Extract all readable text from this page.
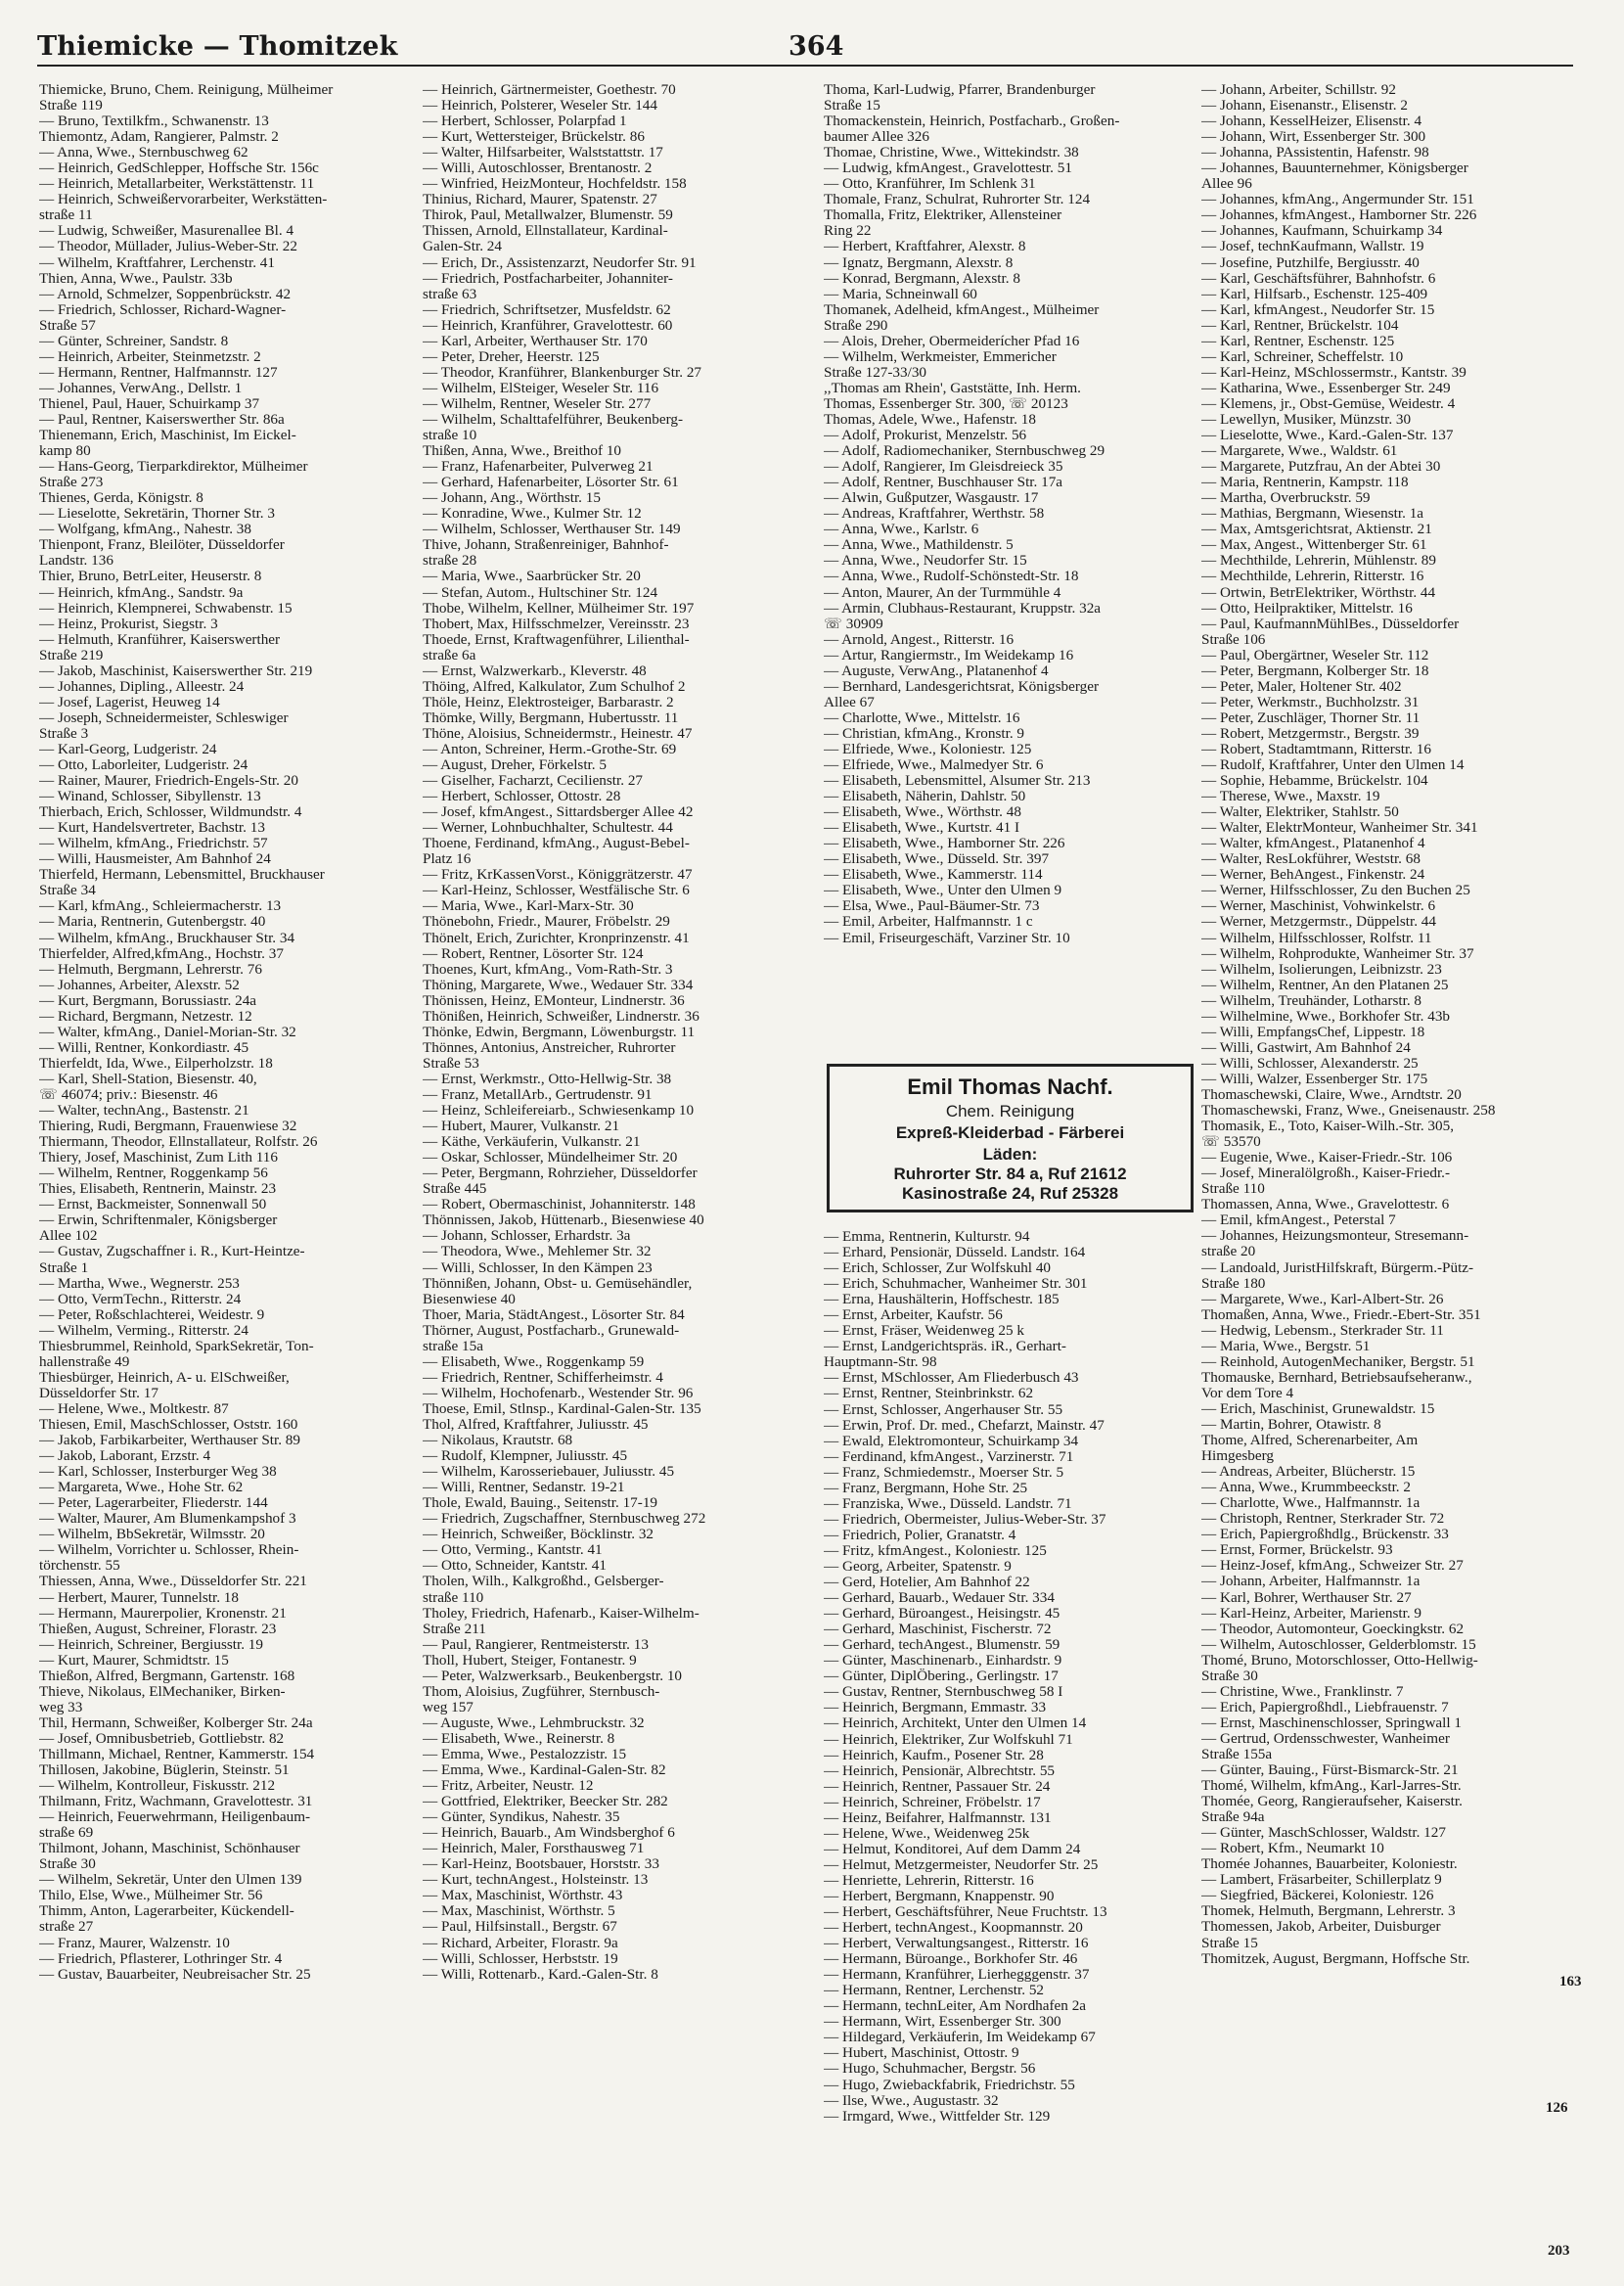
Thiemicke — Thomitzek	364
Thiemicke, Bruno, Chem. Reinigung, Mülheimer
Straße 119
— Bruno, Textilkfm., Schwanenstr. 13
Thiemontz, Adam, Rangierer, Palmstr. 2
— Anna, Wwe., Sternbuschweg 62
— Heinrich, GedSchlepper, Hoffsche Str. 156c
— Heinrich, Metallarbeiter, Werkstättenstr. 11
— Heinrich, Schweißervorarbeiter, Werkstätten-
straße 11
— Ludwig, Schweißer, Masurenallee Bl. 4
— Theodor, Müllader, Julius-Weber-Str. 22
— Wilhelm, Kraftfahrer, Lerchenstr. 41
Thien, Anna, Wwe., Paulstr. 33b
— Arnold, Schmelzer, Soppenbrückstr. 42
— Friedrich, Schlosser, Richard-Wagner-
Straße 57
— Günter, Schreiner, Sandstr. 8
— Heinrich, Arbeiter, Steinmetzstr. 2
— Hermann, Rentner, Halfmannstr. 127
— Johannes, VerwAng., Dellstr. 1
Thienel, Paul, Hauer, Schuirkamp 37
— Paul, Rentner, Kaiserswerther Str. 86a
Thienemann, Erich, Maschinist, Im Eickel-
kamp 80
— Hans-Georg, Tierparkdirektor, Mülheimer
Straße 273
Thienes, Gerda, Königstr. 8
— Lieselotte, Sekretärin, Thorner Str. 3
— Wolfgang, kfmAng., Nahestr. 38
Thienpont, Franz, Bleilöter, Düsseldorfer
Landstr. 136
Thier, Bruno, BetrLeiter, Heuserstr. 8
— Heinrich, kfmAng., Sandstr. 9a
— Heinrich, Klempnerei, Schwabenstr. 15
— Heinz, Prokurist, Siegstr. 3
— Helmuth, Kranführer, Kaiserswerther
Straße 219
— Jakob, Maschinist, Kaiserswerther Str. 219
— Johannes, Dipling., Alleestr. 24
— Josef, Lagerist, Heuweg 14
— Joseph, Schneidermeister, Schleswiger
Straße 3
— Karl-Georg, Ludgeristr. 24
— Otto, Laborleiter, Ludgeristr. 24
— Rainer, Maurer, Friedrich-Engels-Str. 20
— Winand, Schlosser, Sibyllenstr. 13
Thierbach, Erich, Schlosser, Wildmundstr. 4
— Kurt, Handelsvertreter, Bachstr. 13
— Wilhelm, kfmAng., Friedrichstr. 57
— Willi, Hausmeister, Am Bahnhof 24
Thierfeld, Hermann, Lebensmittel, Bruckhauser
Straße 34
— Karl, kfmAng., Schleiermacherstr. 13
— Maria, Rentnerin, Gutenbergstr. 40
— Wilhelm, kfmAng., Bruckhauser Str. 34
Thierfelder, Alfred,kfmAng., Hochstr. 37
— Helmuth, Bergmann, Lehrerstr. 76
— Johannes, Arbeiter, Alexstr. 52
— Kurt, Bergmann, Borussiastr. 24a
— Richard, Bergmann, Netzestr. 12
— Walter, kfmAng., Daniel-Morian-Str. 32
— Willi, Rentner, Konkordiastr. 45
Thierfeldt, Ida, Wwe., Eilperholzstr. 18
— Karl, Shell-Station, Biesenstr. 40,
☏ 46074; priv.: Biesenstr. 46
— Walter, technAng., Bastenstr. 21
Thiering, Rudi, Bergmann, Frauenwiese 32
Thiermann, Theodor, Ellnstallateur, Rolfstr. 26
Thiery, Josef, Maschinist, Zum Lith 116
— Wilhelm, Rentner, Roggenkamp 56
Thies, Elisabeth, Rentnerin, Mainstr. 23
— Ernst, Backmeister, Sonnenwall 50
— Erwin, Schriftenmaler, Königsberger
Allee 102
— Gustav, Zugschaffner i. R., Kurt-Heintze-
Straße 1
— Martha, Wwe., Wegnerstr. 253
— Otto, VermTechn., Ritterstr. 24
— Peter, Roßschlachterei, Weidestr. 9
— Wilhelm, Verming., Ritterstr. 24
Thiesbrummel, Reinhold, SparkSekretär, Ton-
hallenstraße 49
Thiesbürger, Heinrich, A- u. ElSchweißer,
Düsseldorfer Str. 17
— Helene, Wwe., Moltkestr. 87
Thiesen, Emil, MaschSchlosser, Oststr. 160
— Jakob, Farbikarbeiter, Werthauser Str. 89
— Jakob, Laborant, Erzstr. 4
— Karl, Schlosser, Insterburger Weg 38
— Margareta, Wwe., Hohe Str. 62
— Peter, Lagerarbeiter, Fliederstr. 144
— Walter, Maurer, Am Blumenkampshof 3
— Wilhelm, BbSekretär, Wilmsstr. 20
— Wilhelm, Vorrichter u. Schlosser, Rhein-
törchenstr. 55
Thiessen, Anna, Wwe., Düsseldorfer Str. 221
— Herbert, Maurer, Tunnelstr. 18
— Hermann, Maurerpolier, Kronenstr. 21
Thießen, August, Schreiner, Florastr. 23
— Heinrich, Schreiner, Bergiusstr. 19
— Kurt, Maurer, Schmidtstr. 15
Thießon, Alfred, Bergmann, Gartenstr. 168
Thieve, Nikolaus, ElMechaniker, Birken-
weg 33
Thil, Hermann, Schweißer, Kolberger Str. 24a
— Josef, Omnibusbetrieb, Gottliebstr. 82
Thillmann, Michael, Rentner, Kammerstr. 154
Thillosen, Jakobine, Büglerin, Steinstr. 51
— Wilhelm, Kontrolleur, Fiskusstr. 212
Thilmann, Fritz, Wachmann, Gravelottestr. 31
— Heinrich, Feuerwehrmann, Heiligenbaum-
straße 69
Thilmont, Johann, Maschinist, Schönhauser
Straße 30
— Wilhelm, Sekretär, Unter den Ulmen 139
Thilo, Else, Wwe., Mülheimer Str. 56
Thimm, Anton, Lagerarbeiter, Kückendell-
straße 27
— Franz, Maurer, Walzenstr. 10
— Friedrich, Pflasterer, Lothringer Str. 4
— Gustav, Bauarbeiter, Neubreisacher Str. 25
— Heinrich, Gärtnermeister, Goethestr. 70
— Heinrich, Polsterer, Weseler Str. 144
— Herbert, Schlosser, Polarpfad 1
— Kurt, Wettersteiger, Brückelstr. 86
— Walter, Hilfsarbeiter, Walststattstr. 17
— Willi, Autoschlosser, Brentanostr. 2
— Winfried, HeizMonteur, Hochfeldstr. 158
Thinius, Richard, Maurer, Spatenstr. 27
Thirok, Paul, Metallwalzer, Blumenstr. 59
Thissen, Arnold, Ellnstallateur, Kardinal-
Galen-Str. 24
— Erich, Dr., Assistenzarzt, Neudorfer Str. 91
— Friedrich, Postfacharbeiter, Johanniter-
straße 63
— Friedrich, Schriftsetzer, Musfeldstr. 62
— Heinrich, Kranführer, Gravelottestr. 60
— Karl, Arbeiter, Werthauser Str. 170
— Peter, Dreher, Heerstr. 125
— Theodor, Kranführer, Blankenburger Str. 27
— Wilhelm, ElSteiger, Weseler Str. 116
— Wilhelm, Rentner, Weseler Str. 277
— Wilhelm, Schalttafelführer, Beukenberg-
straße 10
Thißen, Anna, Wwe., Breithof 10
— Franz, Hafenarbeiter, Pulverweg 21
— Gerhard, Hafenarbeiter, Lösorter Str. 61
— Johann, Ang., Wörthstr. 15
— Konradine, Wwe., Kulmer Str. 12
— Wilhelm, Schlosser, Werthauser Str. 149
Thive, Johann, Straßenreiniger, Bahnhof-
straße 28
— Maria, Wwe., Saarbrücker Str. 20
— Stefan, Autom., Hultschiner Str. 124
Thobe, Wilhelm, Kellner, Mülheimer Str. 197
Thobert, Max, Hilfsschmelzer, Vereinsstr. 23
Thoede, Ernst, Kraftwagenführer, Lilienthal-
straße 6a
— Ernst, Walzwerkarb., Kleverstr. 48
Thöing, Alfred, Kalkulator, Zum Schulhof 2
Thöle, Heinz, Elektrosteiger, Barbarastr. 2
Thömke, Willy, Bergmann, Hubertusstr. 11
Thöne, Aloisius, Schneidermstr., Heinestr. 47
— Anton, Schreiner, Herm.-Grothe-Str. 69
— August, Dreher, Förkelstr. 5
— Giselher, Facharzt, Cecilienstr. 27
— Herbert, Schlosser, Ottostr. 28
— Josef, kfmAngest., Sittardsberger Allee 42
— Werner, Lohnbuchhalter, Schultestr. 44
Thoene, Ferdinand, kfmAng., August-Bebel-
Platz 16
— Fritz, KrKassenVorst., Königgrätzerstr. 47
— Karl-Heinz, Schlosser, Westfälische Str. 6
— Maria, Wwe., Karl-Marx-Str. 30
Thönebohn, Friedr., Maurer, Fröbelstr. 29
Thönelt, Erich, Zurichter, Kronprinzenstr. 41
— Robert, Rentner, Lösorter Str. 124
Thoenes, Kurt, kfmAng., Vom-Rath-Str. 3
Thöning, Margarete, Wwe., Wedauer Str. 334
Thönissen, Heinz, EMonteur, Lindnerstr. 36
Thönißen, Heinrich, Schweißer, Lindnerstr. 36
Thönke, Edwin, Bergmann, Löwenburgstr. 11
Thönnes, Antonius, Anstreicher, Ruhrorter
Straße 53
— Ernst, Werkmstr., Otto-Hellwig-Str. 38
— Franz, MetallArb., Gertrudenstr. 91
— Heinz, Schleifereiarb., Schwiesenkamp 10
— Hubert, Maurer, Vulkanstr. 21
— Käthe, Verkäuferin, Vulkanstr. 21
— Oskar, Schlosser, Mündelheimer Str. 20
— Peter, Bergmann, Rohrzieher, Düsseldorfer
Straße 445
— Robert, Obermaschinist, Johanniterstr. 148
Thönnissen, Jakob, Hüttenarb., Biesenwiese 40
— Johann, Schlosser, Erhardstr. 3a
— Theodora, Wwe., Mehlemer Str. 32
— Willi, Schlosser, In den Kämpen 23
Thönnißen, Johann, Obst- u. Gemüsehändler,
Biesenwiese 40
Thoer, Maria, StädtAngest., Lösorter Str. 84
Thörner, August, Postfacharb., Grunewald-
straße 15a
— Elisabeth, Wwe., Roggenkamp 59
— Friedrich, Rentner, Schifferheimstr. 4
— Wilhelm, Hochofenarb., Westender Str. 96
Thoese, Emil, Stlnsp., Kardinal-Galen-Str. 135
Thol, Alfred, Kraftfahrer, Juliusstr. 45
— Nikolaus, Krautstr. 68
— Rudolf, Klempner, Juliusstr. 45
— Wilhelm, Karosseriebauer, Juliusstr. 45
— Willi, Rentner, Sedanstr. 19-21
Thole, Ewald, Bauing., Seitenstr. 17-19
— Friedrich, Zugschaffner, Sternbuschweg 272
— Heinrich, Schweißer, Böcklinstr. 32
— Otto, Verming., Kantstr. 41
— Otto, Schneider, Kantstr. 41
Tholen, Wilh., Kalkgroßhd., Gelsberger-
straße 110
Tholey, Friedrich, Hafenarb., Kaiser-Wilhelm-
Straße 211
— Paul, Rangierer, Rentmeisterstr. 13
Tholl, Hubert, Steiger, Fontanestr. 9
— Peter, Walzwerksarb., Beukenbergstr. 10
Thom, Aloisius, Zugführer, Sternbusch-
weg 157
— Auguste, Wwe., Lehmbruckstr. 32
— Elisabeth, Wwe., Reinerstr. 8
— Emma, Wwe., Pestalozzistr. 15
— Emma, Wwe., Kardinal-Galen-Str. 82
— Fritz, Arbeiter, Neustr. 12
— Gottfried, Elektriker, Beecker Str. 282
— Günter, Syndikus, Nahestr. 35
— Heinrich, Bauarb., Am Windsberghof 6
— Heinrich, Maler, Forsthausweg 71
— Karl-Heinz, Bootsbauer, Horststr. 33
— Kurt, technAngest., Holsteinstr. 13
— Max, Maschinist, Wörthstr. 43
— Max, Maschinist, Wörthstr. 5
— Paul, Hilfsinstall., Bergstr. 67
— Richard, Arbeiter, Florastr. 9a
— Willi, Schlosser, Herbststr. 19
— Willi, Rottenarb., Kard.-Galen-Str. 8
Thoma, Karl-Ludwig, Pfarrer, Brandenburger
Straße 15
Thomackenstein, Heinrich, Postfacharb., Großen-
baumer Allee 326
Thomae, Christine, Wwe., Wittekindstr. 38
— Ludwig, kfmAngest., Gravelottestr. 51
— Otto, Kranführer, Im Schlenk 31
Thomale, Franz, Schulrat, Ruhrorter Str. 124
Thomalla, Fritz, Elektriker, Allensteiner
Ring 22
— Herbert, Kraftfahrer, Alexstr. 8
— Ignatz, Bergmann, Alexstr. 8
— Konrad, Bergmann, Alexstr. 8
— Maria, Schneinwall 60
Thomanek, Adelheid, kfmAngest., Mülheimer
Straße 290
— Alois, Dreher, Obermeiderícher Pfad 16
— Wilhelm, Werkmeister, Emmericher
Straße 127-33/30
,,Thomas am Rhein', Gaststätte, Inh. Herm.
Thomas, Essenberger Str. 300, ☏ 20123
Thomas, Adele, Wwe., Hafenstr. 18
— Adolf, Prokurist, Menzelstr. 56
— Adolf, Radiomechaniker, Sternbuschweg 29
— Adolf, Rangierer, Im Gleisdreieck 35
— Adolf, Rentner, Buschhauser Str. 17a
— Alwin, Gußputzer, Wasgaustr. 17
— Andreas, Kraftfahrer, Werthstr. 58
— Anna, Wwe., Karlstr. 6
— Anna, Wwe., Mathildenstr. 5
— Anna, Wwe., Neudorfer Str. 15
— Anna, Wwe., Rudolf-Schönstedt-Str. 18
— Anton, Maurer, An der Turmmühle 4
— Armin, Clubhaus-Restaurant, Kruppstr. 32a
☏ 30909
— Arnold, Angest., Ritterstr. 16
— Artur, Rangiermstr., Im Weidekamp 16
— Auguste, VerwAng., Platanenhof 4
— Bernhard, Landesgerichtsrat, Königsberger
Allee 67
— Charlotte, Wwe., Mittelstr. 16
— Christian, kfmAng., Kronstr. 9
— Elfriede, Wwe., Koloniestr. 125
— Elfriede, Wwe., Malmedyer Str. 6
— Elisabeth, Lebensmittel, Alsumer Str. 213
— Elisabeth, Näherin, Dahlstr. 50
— Elisabeth, Wwe., Wörthstr. 48
— Elisabeth, Wwe., Kurtstr. 41 I
— Elisabeth, Wwe., Hamborner Str. 226
— Elisabeth, Wwe., Düsseld. Str. 397
— Elisabeth, Wwe., Kammerstr. 114
— Elisabeth, Wwe., Unter den Ulmen 9
— Elsa, Wwe., Paul-Bäumer-Str. 73
— Emil, Arbeiter, Halfmannstr. 1 c
— Emil, Friseurgeschäft, Varziner Str. 10
— Emma, Rentnerin, Kulturstr. 94
— Erhard, Pensionär, Düsseld. Landstr. 164
— Erich, Schlosser, Zur Wolfskuhl 40
— Erich, Schuhmacher, Wanheimer Str. 301
— Erna, Haushälterin, Hoffschestr. 185
— Ernst, Arbeiter, Kaufstr. 56
— Ernst, Fräser, Weidenweg 25 k
— Ernst, Landgerichtspräs. iR., Gerhart-
Hauptmann-Str. 98
— Ernst, MSchlosser, Am Fliederbusch 43
— Ernst, Rentner, Steinbrinkstr. 62
— Ernst, Schlosser, Angerhauser Str. 55
— Erwin, Prof. Dr. med., Chefarzt, Mainstr. 47
— Ewald, Elektromonteur, Schuirkamp 34
— Ferdinand, kfmAngest., Varzinerstr. 71
— Franz, Schmiedemstr., Moerser Str. 5
— Franz, Bergmann, Hohe Str. 25
— Franziska, Wwe., Düsseld. Landstr. 71
— Friedrich, Obermeister, Julius-Weber-Str. 37
— Friedrich, Polier, Granatstr. 4
— Fritz, kfmAngest., Koloniestr. 125
— Georg, Arbeiter, Spatenstr. 9
— Gerd, Hotelier, Am Bahnhof 22
— Gerhard, Bauarb., Wedauer Str. 334
— Gerhard, Büroangest., Heisingstr. 45
— Gerhard, Maschinist, Fischerstr. 72
— Gerhard, techAngest., Blumenstr. 59
— Günter, Maschinenarb., Einhardstr. 9
— Günter, DiplÖbering., Gerlingstr. 17
— Gustav, Rentner, Sternbuschweg 58 I
— Heinrich, Bergmann, Emmastr. 33
— Heinrich, Architekt, Unter den Ulmen 14
— Heinrich, Elektriker, Zur Wolfskuhl 71
— Heinrich, Kaufm., Posener Str. 28
— Heinrich, Pensionär, Albrechtstr. 55
— Heinrich, Rentner, Passauer Str. 24
— Heinrich, Schreiner, Fröbelstr. 17
— Heinz, Beifahrer, Halfmannstr. 131
— Helene, Wwe., Weidenweg 25k
— Helmut, Konditorei, Auf dem Damm 24
— Helmut, Metzgermeister, Neudorfer Str. 25
— Henriette, Lehrerin, Ritterstr. 16
— Herbert, Bergmann, Knappenstr. 90
— Herbert, Geschäftsführer, Neue Fruchtstr. 13
— Herbert, technAngest., Koopmannstr. 20
— Herbert, Verwaltungsangest., Ritterstr. 16
— Hermann, Büroange., Borkhofer Str. 46
— Hermann, Kranführer, Lierhegggenstr. 37
— Hermann, Rentner, Lerchenstr. 52
— Hermann, technLeiter, Am Nordhafen 2a
— Hermann, Wirt, Essenberger Str. 300
— Hildegard, Verkäuferin, Im Weidekamp 67
— Hubert, Maschinist, Ottostr. 9
— Hugo, Schuhmacher, Bergstr. 56
— Hugo, Zwiebackfabrik, Friedrichstr. 55
— Ilse, Wwe., Augustastr. 32
— Irmgard, Wwe., Wittfelder Str. 129
— Johann, Arbeiter, Schillstr. 92
— Johann, Eisenanstr., Elisenstr. 2
— Johann, KesselHeizer, Elisenstr. 4
— Johann, Wirt, Essenberger Str. 300
— Johanna, PAssistentin, Hafenstr. 98
— Johannes, Bauunternehmer, Königsberger
Allee 96
— Johannes, kfmAng., Angermunder Str. 151
— Johannes, kfmAngest., Hamborner Str. 226
— Johannes, Kaufmann, Schuirkamp 34
— Josef, technKaufmann, Wallstr. 19
— Josefine, Putzhilfe, Bergiusstr. 40
— Karl, Geschäftsführer, Bahnhofstr. 6
— Karl, Hilfsarb., Eschenstr. 125-409
— Karl, kfmAngest., Neudorfer Str. 15
— Karl, Rentner, Brückelstr. 104
— Karl, Rentner, Eschenstr. 125
— Karl, Schreiner, Scheffelstr. 10
— Karl-Heinz, MSchlossermstr., Kantstr. 39
— Katharina, Wwe., Essenberger Str. 249
— Klemens, jr., Obst-Gemüse, Weidestr. 4
— Lewellyn, Musiker, Münzstr. 30
— Lieselotte, Wwe., Kard.-Galen-Str. 137
— Margarete, Wwe., Waldstr. 61
— Margarete, Putzfrau, An der Abtei 30
— Maria, Rentnerin, Kampstr. 118
— Martha, Overbruckstr. 59
— Mathias, Bergmann, Wiesenstr. 1a
— Max, Amtsgerichtsrat, Aktienstr. 21
— Max, Angest., Wittenberger Str. 61
— Mechthilde, Lehrerin, Mühlenstr. 89
— Mechthilde, Lehrerin, Ritterstr. 16
— Ortwin, BetrElektriker, Wörthstr. 44
— Otto, Heilpraktiker, Mittelstr. 16
— Paul, KaufmannMühlBes., Düsseldorfer
Straße 106
— Paul, Obergärtner, Weseler Str. 112
— Peter, Bergmann, Kolberger Str. 18
— Peter, Maler, Holtener Str. 402
— Peter, Werkmstr., Buchholzstr. 31
— Peter, Zuschläger, Thorner Str. 11
— Robert, Metzgermstr., Bergstr. 39
— Robert, Stadtamtmann, Ritterstr. 16
— Rudolf, Kraftfahrer, Unter den Ulmen 14
— Sophie, Hebamme, Brückelstr. 104
— Therese, Wwe., Maxstr. 19
— Walter, Elektriker, Stahlstr. 50
— Walter, ElektrMonteur, Wanheimer Str. 341
— Walter, kfmAngest., Platanenhof 4
— Walter, ResLokführer, Weststr. 68
— Werner, BehAngest., Finkenstr. 24
— Werner, Hilfsschlosser, Zu den Buchen 25
— Werner, Maschinist, Vohwinkelstr. 6
— Werner, Metzgermstr., Düppelstr. 44
— Wilhelm, Hilfsschlosser, Rolfstr. 11
— Wilhelm, Rohprodukte, Wanheimer Str. 37
— Wilhelm, Isolierungen, Leibnizstr. 23
— Wilhelm, Rentner, An den Platanen 25
— Wilhelm, Treuhänder, Lotharstr. 8
— Wilhelmine, Wwe., Borkhofer Str. 43b
— Willi, EmpfangsChef, Lippestr. 18
— Willi, Gastwirt, Am Bahnhof 24
— Willi, Schlosser, Alexanderstr. 25
— Willi, Walzer, Essenberger Str. 175
Thomaschewski, Claire, Wwe., Arndtstr. 20
Thomaschewski, Franz, Wwe., Gneisenaustr. 258
Thomasik, E., Toto, Kaiser-Wilh.-Str. 305,
☏ 53570
— Eugenie, Wwe., Kaiser-Friedr.-Str. 106
— Josef, Mineralölgroßh., Kaiser-Friedr.-
Straße 110
Thomassen, Anna, Wwe., Gravelottestr. 6
— Emil, kfmAngest., Peterstal 7
— Johannes, Heizungsmonteur, Stresemann-
straße 20
— Landoald, JuristHilfskraft, Bürgerm.-Pütz-
Straße 180
— Margarete, Wwe., Karl-Albert-Str. 26
Thomaßen, Anna, Wwe., Friedr.-Ebert-Str. 351
— Hedwig, Lebensm., Sterkrader Str. 11
— Maria, Wwe., Bergstr. 51
— Reinhold, AutogenMechaniker, Bergstr. 51
Thomauske, Bernhard, Betriebsaufseheranw.,
Vor dem Tore 4
— Erich, Maschinist, Grunewaldstr. 15
— Martin, Bohrer, Otawistr. 8
Thome, Alfred, Scherenarbeiter, Am
Himgesberg
— Andreas, Arbeiter, Blücherstr. 15
— Anna, Wwe., Krummbeeckstr. 2
— Charlotte, Wwe., Halfmannstr. 1a
— Christoph, Rentner, Sterkrader Str. 72
— Erich, Papiergroßhdlg., Brückenstr. 33
— Ernst, Former, Brückelstr. 93
— Heinz-Josef, kfmAng., Schweizer Str. 27
— Johann, Arbeiter, Halfmannstr. 1a
— Karl, Bohrer, Werthauser Str. 27
— Karl-Heinz, Arbeiter, Marienstr. 9
— Theodor, Automonteur, Goeckingkstr. 62
— Wilhelm, Autoschlosser, Gelderblomstr. 15
Thomé, Bruno, Motorschlosser, Otto-Hellwig-
Straße 30
— Christine, Wwe., Franklinstr. 7
— Erich, Papiergroßhdl., Liebfrauenstr. 7
— Ernst, Maschinenschlosser, Springwall 1
— Gertrud, Ordensschwester, Wanheimer
Straße 155a
— Günter, Bauing., Fürst-Bismarck-Str. 21
Thomé, Wilhelm, kfmAng., Karl-Jarres-Str.
Thomée, Georg, Rangieraufseher, Kaiserstr.
Straße 94a
— Günter, MaschSchlosser, Waldstr. 127
— Robert, Kfm., Neumarkt 10
Thomée Johannes, Bauarbeiter, Koloniestr.
— Lambert, Fräsarbeiter, Schillerplatz 9
— Siegfried, Bäckerei, Koloniestr. 126
Thomek, Helmuth, Bergmann, Lehrerstr. 3
Thomessen, Jakob, Arbeiter, Duisburger
Straße 15
Thomitzek, August, Bergmann, Hoffsche Str.
Emil Thomas Nachf.
Chem. Reinigung
Expreß-Kleiderbad - Färberei
Läden:
Ruhrorter Str. 84 a, Ruf 21612
Kasinostraße 24, Ruf 25328
163
126
203
